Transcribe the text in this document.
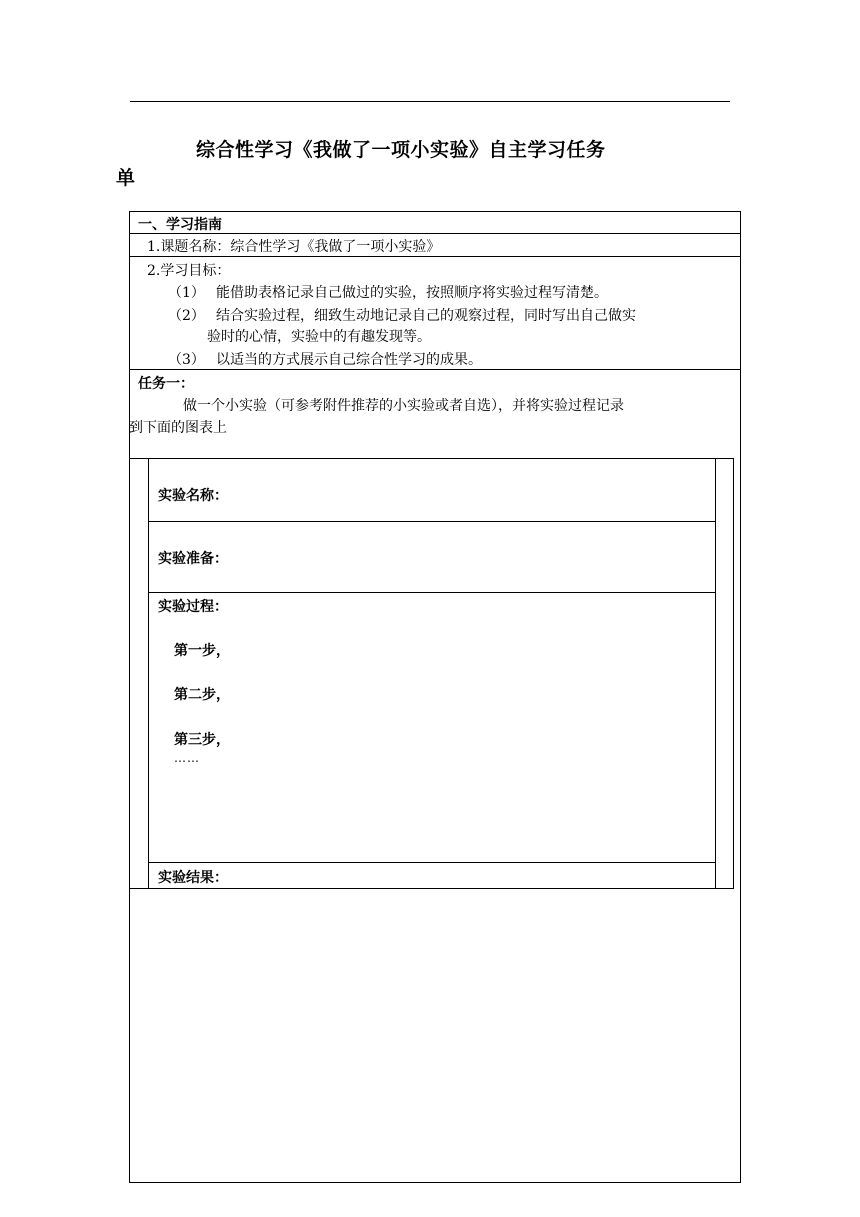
综合性学习《我做了一项小实验》自主学习任务
单
一、学习指南
1.课题名称：综合性学习《我做了一项小实验》
2.学习目标：
（1） 能借助表格记录自己做过的实验，按照顺序将实验过程写清楚。
（2） 结合实验过程，细致生动地记录自己的观察过程，同时写出自己做实
验时的心情，实验中的有趣发现等。
（3） 以适当的方式展示自己综合性学习的成果。
任务一：
做一个小实验（可参考附件推荐的小实验或者自选），并将实验过程记录
到下面的图表上
实验名称：
实验准备：
实验过程：
第一步，
第二步，
第三步，
……
实验结果：
